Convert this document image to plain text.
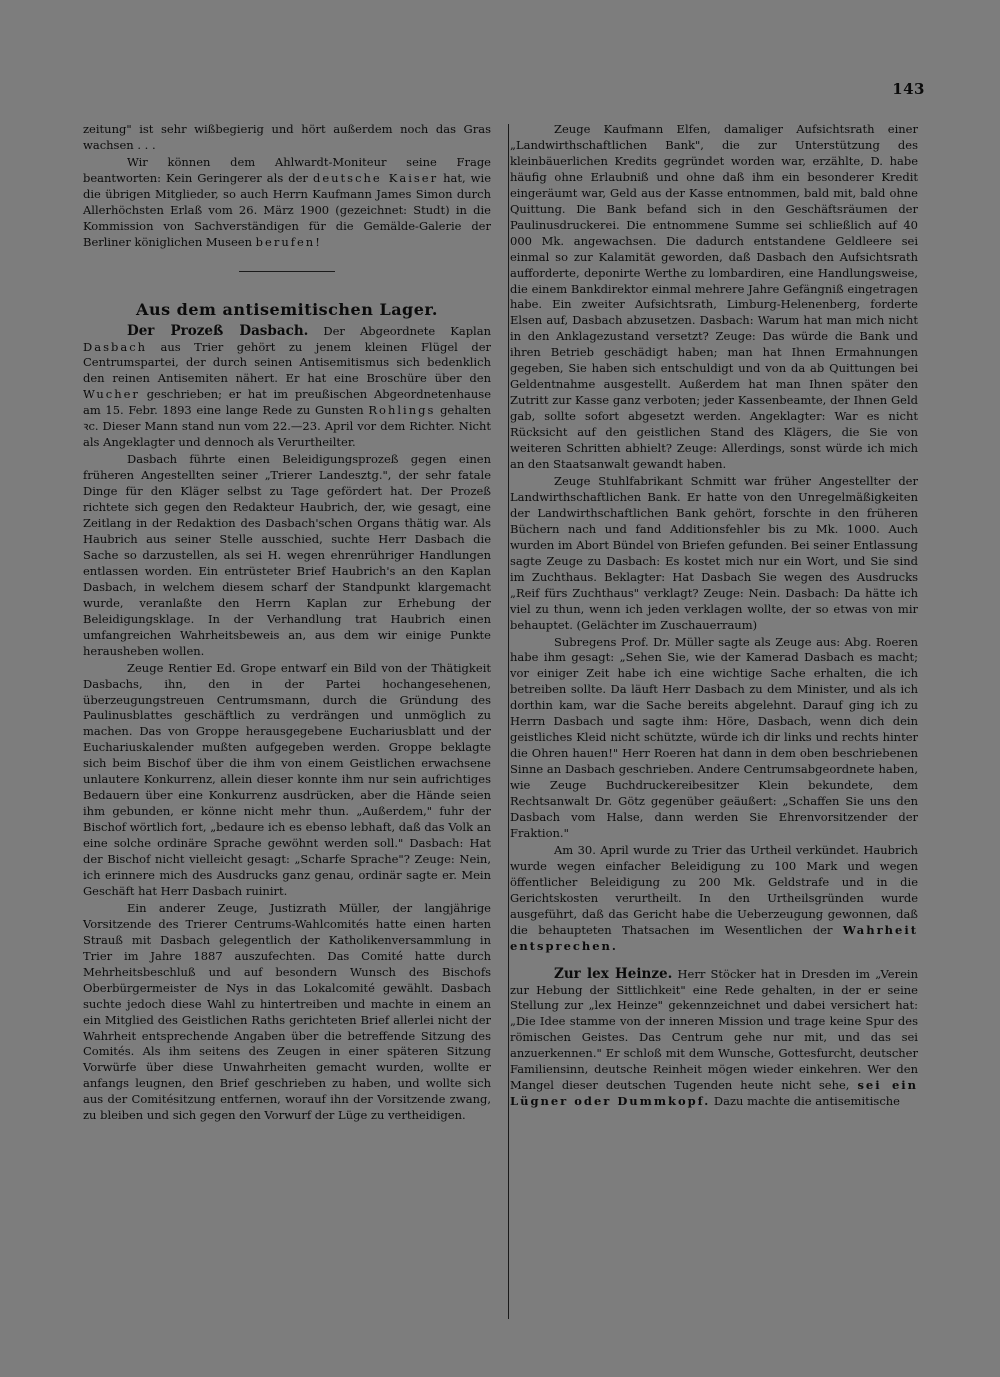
143

zeitung" ist sehr wißbegierig und hört außerdem noch das Gras wachsen . . .

Wir können dem Ahlwardt-Moniteur seine Frage beantworten: Kein Geringerer als der deutsche Kaiser hat, wie die übrigen Mitglieder, so auch Herrn Kaufmann James Simon durch Allerhöchsten Erlaß vom 26. März 1900 (gezeichnet: Studt) in die Kommission von Sachverständigen für die Gemälde-Galerie der Berliner königlichen Museen berufen!

Aus dem antisemitischen Lager.

Der Prozeß Dasbach. Der Abgeordnete Kaplan Dasbach aus Trier gehört zu jenem kleinen Flügel der Centrumspartei, der durch seinen Antisemitismus sich bedenklich den reinen Antisemiten nähert. Er hat eine Broschüre über den Wucher geschrieben; er hat im preußischen Abgeordnetenhause am 15. Febr. 1893 eine lange Rede zu Gunsten Rohlings gehalten ꝛc. Dieser Mann stand nun vom 22.—23. April vor dem Richter. Nicht als Angeklagter und dennoch als Verurtheilter.

Dasbach führte einen Beleidigungsprozeß gegen einen früheren Angestellten seiner „Trierer Landesztg.", der sehr fatale Dinge für den Kläger selbst zu Tage gefördert hat. Der Prozeß richtete sich gegen den Redakteur Haubrich, der, wie gesagt, eine Zeitlang in der Redaktion des Dasbach'schen Organs thätig war. Als Haubrich aus seiner Stelle ausschied, suchte Herr Dasbach die Sache so darzustellen, als sei H. wegen ehrenrühriger Handlungen entlassen worden. Ein entrüsteter Brief Haubrich's an den Kaplan Dasbach, in welchem diesem scharf der Standpunkt klargemacht wurde, veranlaßte den Herrn Kaplan zur Erhebung der Beleidigungsklage. In der Verhandlung trat Haubrich einen umfangreichen Wahrheitsbeweis an, aus dem wir einige Punkte herausheben wollen.

Zeuge Rentier Ed. Grope entwarf ein Bild von der Thätigkeit Dasbachs, ihn, den in der Partei hochangesehenen, überzeugungstreuen Centrumsmann, durch die Gründung des Paulinusblattes geschäftlich zu verdrängen und unmöglich zu machen. Das von Groppe herausgegebene Euchariusblatt und der Euchariuskalender mußten aufgegeben werden. Groppe beklagte sich beim Bischof über die ihm von einem Geistlichen erwachsene unlautere Konkurrenz, allein dieser konnte ihm nur sein aufrichtiges Bedauern über eine Konkurrenz ausdrücken, aber die Hände seien ihm gebunden, er könne nicht mehr thun. „Außerdem," fuhr der Bischof wörtlich fort, „bedaure ich es ebenso lebhaft, daß das Volk an eine solche ordinäre Sprache gewöhnt werden soll." Dasbach: Hat der Bischof nicht vielleicht gesagt: „Scharfe Sprache"? Zeuge: Nein, ich erinnere mich des Ausdrucks ganz genau, ordinär sagte er. Mein Geschäft hat Herr Dasbach ruinirt.

Ein anderer Zeuge, Justizrath Müller, der langjährige Vorsitzende des Trierer Centrums-Wahlcomités hatte einen harten Strauß mit Dasbach gelegentlich der Katholikenversammlung in Trier im Jahre 1887 auszufechten. Das Comité hatte durch Mehrheitsbeschluß und auf besondern Wunsch des Bischofs Oberbürgermeister de Nys in das Lokalcomité gewählt. Dasbach suchte jedoch diese Wahl zu hintertreiben und machte in einem an ein Mitglied des Geistlichen Raths gerichteten Brief allerlei nicht der Wahrheit entsprechende Angaben über die betreffende Sitzung des Comités. Als ihm seitens des Zeugen in einer späteren Sitzung Vorwürfe über diese Unwahrheiten gemacht wurden, wollte er anfangs leugnen, den Brief geschrieben zu haben, und wollte sich aus der Comitésitzung entfernen, worauf ihn der Vorsitzende zwang, zu bleiben und sich gegen den Vorwurf der Lüge zu vertheidigen.

Zeuge Kaufmann Elfen, damaliger Aufsichtsrath einer „Landwirthschaftlichen Bank", die zur Unterstützung des kleinbäuerlichen Kredits gegründet worden war, erzählte, D. habe häufig ohne Erlaubniß und ohne daß ihm ein besonderer Kredit eingeräumt war, Geld aus der Kasse entnommen, bald mit, bald ohne Quittung. Die Bank befand sich in den Geschäftsräumen der Paulinusdruckerei. Die entnommene Summe sei schließlich auf 40 000 Mk. angewachsen. Die dadurch entstandene Geldleere sei einmal so zur Kalamität geworden, daß Dasbach den Aufsichtsrath aufforderte, deponirte Werthe zu lombardiren, eine Handlungsweise, die einem Bankdirektor einmal mehrere Jahre Gefängniß eingetragen habe. Ein zweiter Aufsichtsrath, Limburg-Helenenberg, forderte Elsen auf, Dasbach abzusetzen. Dasbach: Warum hat man mich nicht in den Anklagezustand versetzt? Zeuge: Das würde die Bank und ihren Betrieb geschädigt haben; man hat Ihnen Ermahnungen gegeben, Sie haben sich entschuldigt und von da ab Quittungen bei Geldentnahme ausgestellt. Außerdem hat man Ihnen später den Zutritt zur Kasse ganz verboten; jeder Kassenbeamte, der Ihnen Geld gab, sollte sofort abgesetzt werden. Angeklagter: War es nicht Rücksicht auf den geistlichen Stand des Klägers, die Sie von weiteren Schritten abhielt? Zeuge: Allerdings, sonst würde ich mich an den Staatsanwalt gewandt haben.

Zeuge Stuhlfabrikant Schmitt war früher Angestellter der Landwirthschaftlichen Bank. Er hatte von den Unregelmäßigkeiten der Landwirthschaftlichen Bank gehört, forschte in den früheren Büchern nach und fand Additionsfehler bis zu Mk. 1000. Auch wurden im Abort Bündel von Briefen gefunden. Bei seiner Entlassung sagte Zeuge zu Dasbach: Es kostet mich nur ein Wort, und Sie sind im Zuchthaus. Beklagter: Hat Dasbach Sie wegen des Ausdrucks „Reif fürs Zuchthaus" verklagt? Zeuge: Nein. Dasbach: Da hätte ich viel zu thun, wenn ich jeden verklagen wollte, der so etwas von mir behauptet. (Gelächter im Zuschauerraum)

Subregens Prof. Dr. Müller sagte als Zeuge aus: Abg. Roeren habe ihm gesagt: „Sehen Sie, wie der Kamerad Dasbach es macht; vor einiger Zeit habe ich eine wichtige Sache erhalten, die ich betreiben sollte. Da läuft Herr Dasbach zu dem Minister, und als ich dorthin kam, war die Sache bereits abgelehnt. Darauf ging ich zu Herrn Dasbach und sagte ihm: Höre, Dasbach, wenn dich dein geistliches Kleid nicht schützte, würde ich dir links und rechts hinter die Ohren hauen!" Herr Roeren hat dann in dem oben beschriebenen Sinne an Dasbach geschrieben. Andere Centrumsabgeordnete haben, wie Zeuge Buchdruckereibesitzer Klein bekundete, dem Rechtsanwalt Dr. Götz gegenüber geäußert: „Schaffen Sie uns den Dasbach vom Halse, dann werden Sie Ehrenvorsitzender der Fraktion."

Am 30. April wurde zu Trier das Urtheil verkündet. Haubrich wurde wegen einfacher Beleidigung zu 100 Mark und wegen öffentlicher Beleidigung zu 200 Mk. Geldstrafe und in die Gerichtskosten verurtheilt. In den Urtheilsgründen wurde ausgeführt, daß das Gericht habe die Ueberzeugung gewonnen, daß die behaupteten Thatsachen im Wesentlichen der Wahrheit entsprechen.

Zur lex Heinze. Herr Stöcker hat in Dresden im „Verein zur Hebung der Sittlichkeit" eine Rede gehalten, in der er seine Stellung zur „lex Heinze" gekennzeichnet und dabei versichert hat: „Die Idee stamme von der inneren Mission und trage keine Spur des römischen Geistes. Das Centrum gehe nur mit, und das sei anzuerkennen." Er schloß mit dem Wunsche, Gottesfurcht, deutscher Familiensinn, deutsche Reinheit mögen wieder einkehren. Wer den Mangel dieser deutschen Tugenden heute nicht sehe, sei ein Lügner oder Dummkopf. Dazu machte die antisemitische
